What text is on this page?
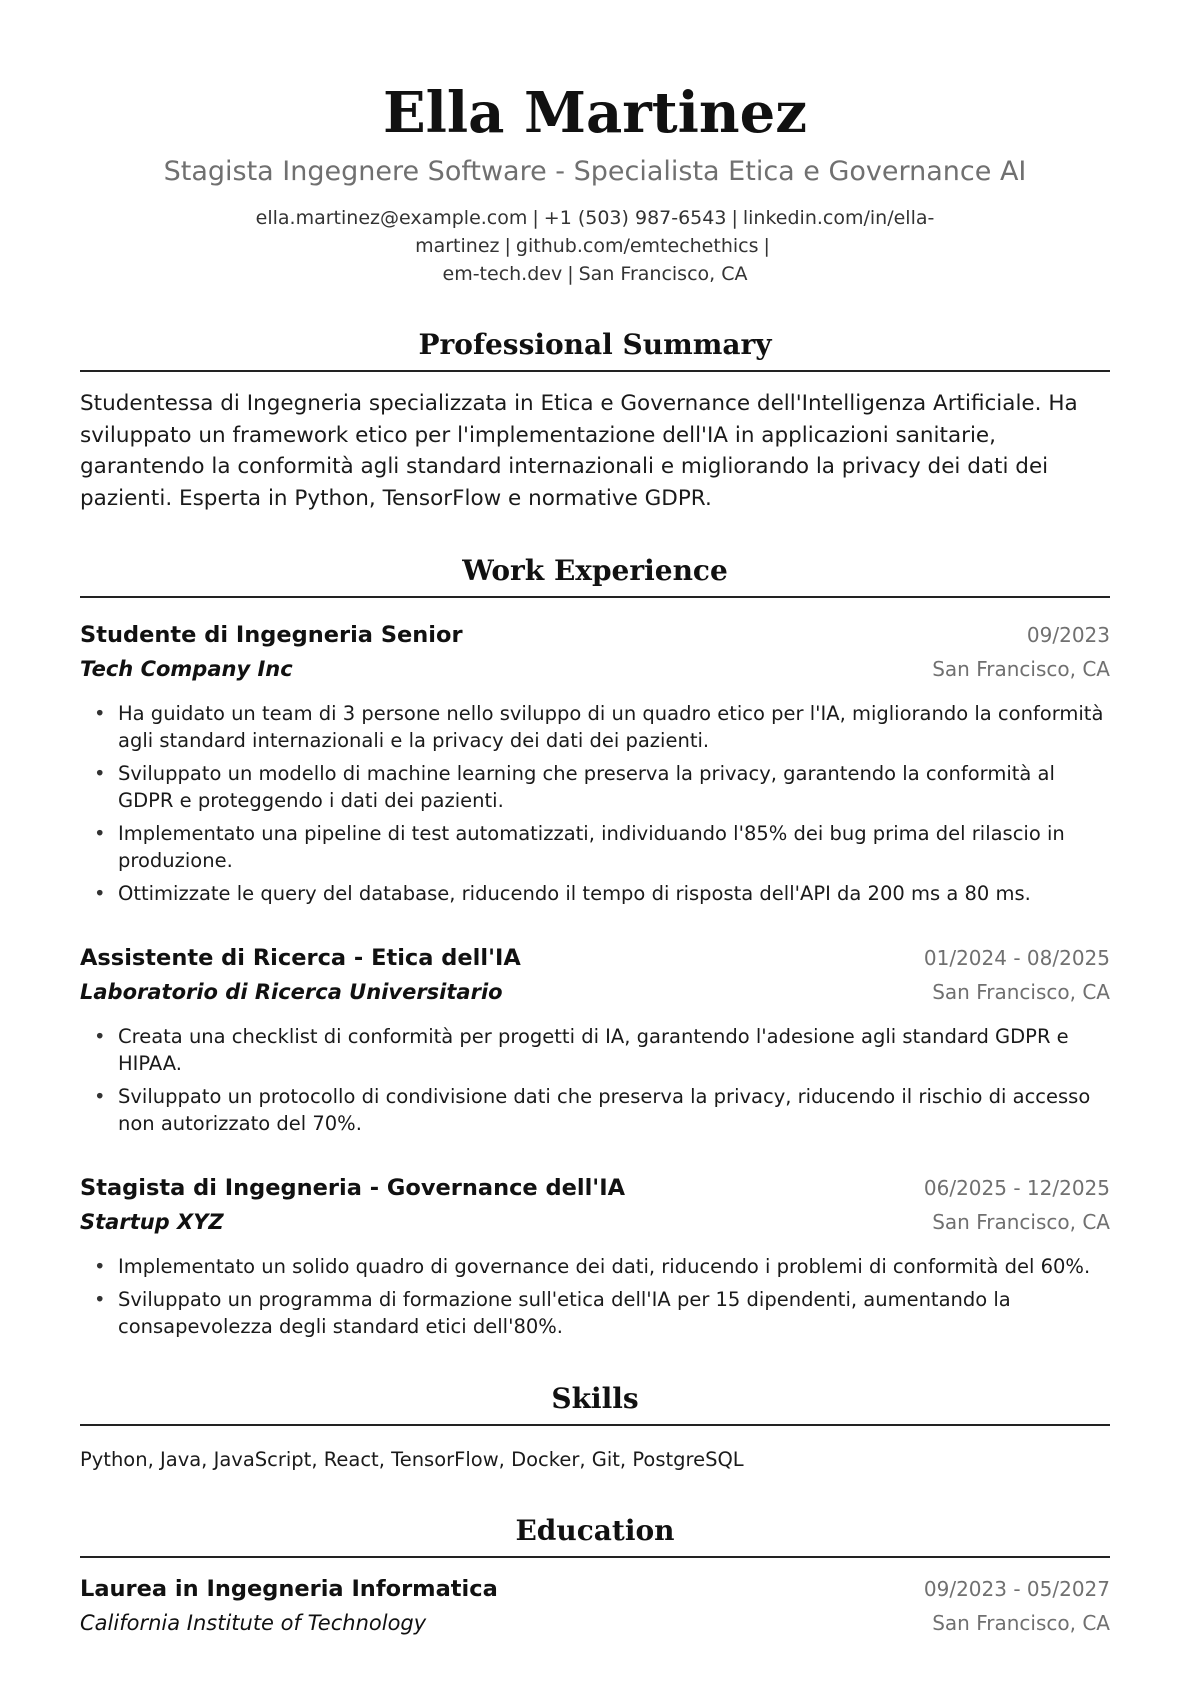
Ella Martinez
Stagista Ingegnere Software - Specialista Etica e Governance AI
ella.martinez@example.com | +1 (503) 987-6543 | linkedin.com/in/ella-martinez | github.com/emtechethics |
em-tech.dev | San Francisco, CA
Professional Summary
Studentessa di Ingegneria specializzata in Etica e Governance dell'Intelligenza Artificiale. Ha sviluppato un framework etico per l'implementazione dell'IA in applicazioni sanitarie, garantendo la conformità agli standard internazionali e migliorando la privacy dei dati dei pazienti. Esperta in Python, TensorFlow e normative GDPR.
Work Experience
Studente di Ingegneria Senior	09/2023
Tech Company Inc	San Francisco, CA
• Ha guidato un team di 3 persone nello sviluppo di un quadro etico per l'IA, migliorando la conformità agli standard internazionali e la privacy dei dati dei pazienti.
• Sviluppato un modello di machine learning che preserva la privacy, garantendo la conformità al GDPR e proteggendo i dati dei pazienti.
• Implementato una pipeline di test automatizzati, individuando l'85% dei bug prima del rilascio in produzione.
• Ottimizzate le query del database, riducendo il tempo di risposta dell'API da 200 ms a 80 ms.
Assistente di Ricerca - Etica dell'IA	01/2024 - 08/2025
Laboratorio di Ricerca Universitario	San Francisco, CA
• Creata una checklist di conformità per progetti di IA, garantendo l'adesione agli standard GDPR e HIPAA.
• Sviluppato un protocollo di condivisione dati che preserva la privacy, riducendo il rischio di accesso non autorizzato del 70%.
Stagista di Ingegneria - Governance dell'IA	06/2025 - 12/2025
Startup XYZ	San Francisco, CA
• Implementato un solido quadro di governance dei dati, riducendo i problemi di conformità del 60%.
• Sviluppato un programma di formazione sull'etica dell'IA per 15 dipendenti, aumentando la consapevolezza degli standard etici dell'80%.
Skills
Python, Java, JavaScript, React, TensorFlow, Docker, Git, PostgreSQL
Education
Laurea in Ingegneria Informatica	09/2023 - 05/2027
California Institute of Technology	San Francisco, CA
